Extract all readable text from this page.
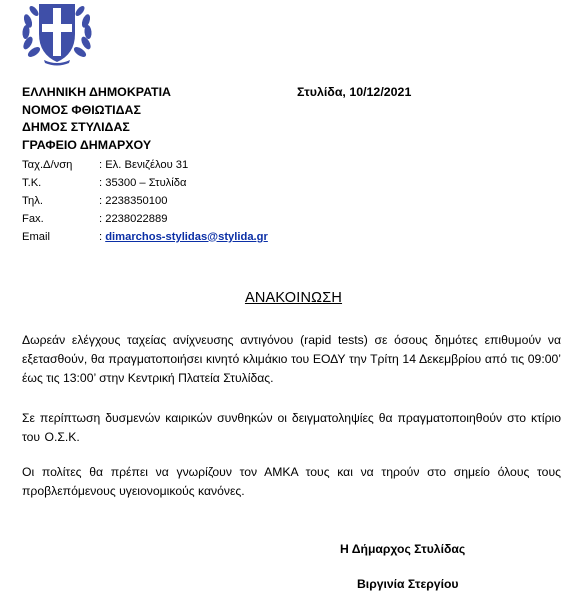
ΕΛΛΗΝΙΚΗ ΔΗΜΟΚΡΑΤΙΑ
ΝΟΜΟΣ ΦΘΙΩΤΙΔΑΣ
ΔΗΜΟΣ ΣΤΥΛΙΔΑΣ
ΓΡΑΦΕΙΟ ΔΗΜΑΡΧΟΥ
Στυλίδα, 10/12/2021
Ταχ.Δ/νση	: Ελ. Βενιζέλου 31
Τ.Κ.	: 35300 – Στυλίδα
Τηλ.	: 2238350100
Fax.	: 2238022889
Email	: dimarchos-stylidas@stylida.gr
ΑΝΑΚΟΙΝΩΣΗ
Δωρεάν ελέγχους ταχείας ανίχνευσης αντιγόνου (rapid tests) σε όσους δημότες επιθυμούν να εξετασθούν, θα πραγματοποιήσει κινητό κλιμάκιο του ΕΟΔΥ την Τρίτη 14 Δεκεμβρίου από τις 09:00’ έως τις 13:00’ στην Κεντρική Πλατεία Στυλίδας.
Σε περίπτωση δυσμενών καιρικών συνθηκών οι δειγματοληψίες θα πραγματοποιηθούν στο κτίριο του Ο.Σ.Κ.
Οι πολίτες θα πρέπει να γνωρίζουν τον ΑΜΚΑ τους και να τηρούν στο σημείο όλους τους προβλεπόμενους υγειονομικούς κανόνες.
Η Δήμαρχος Στυλίδας
Βιργινία Στεργίου
